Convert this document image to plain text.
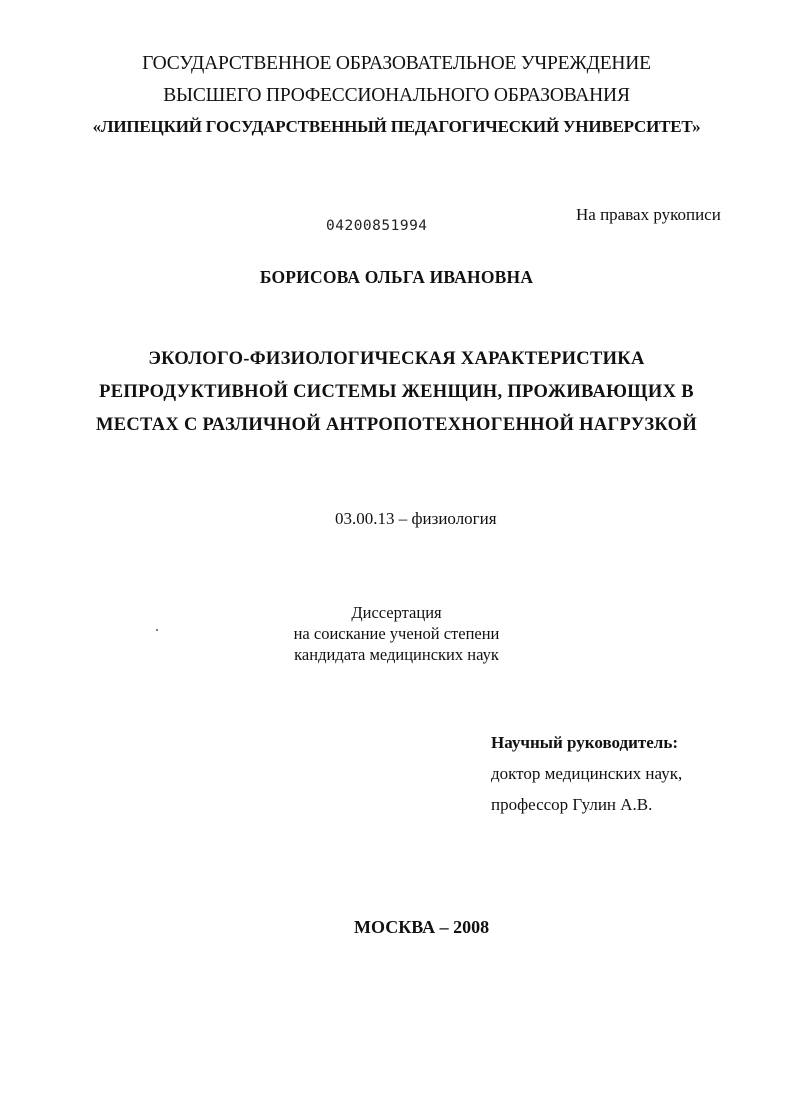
ГОСУДАРСТВЕННОЕ ОБРАЗОВАТЕЛЬНОЕ УЧРЕЖДЕНИЕ
ВЫСШЕГО ПРОФЕССИОНАЛЬНОГО ОБРАЗОВАНИЯ
«ЛИПЕЦКИЙ ГОСУДАРСТВЕННЫЙ ПЕДАГОГИЧЕСКИЙ УНИВЕРСИТЕТ»
04200851994
На правах рукописи
БОРИСОВА ОЛЬГА ИВАНОВНА
ЭКОЛОГО-ФИЗИОЛОГИЧЕСКАЯ ХАРАКТЕРИСТИКА
РЕПРОДУКТИВНОЙ СИСТЕМЫ ЖЕНЩИН, ПРОЖИВАЮЩИХ В
МЕСТАХ С РАЗЛИЧНОЙ АНТРОПОТЕХНОГЕННОЙ НАГРУЗКОЙ
03.00.13 – физиология
Диссертация
на соискание ученой степени
кандидата медицинских наук
Научный руководитель:
доктор медицинских наук,
профессор Гулин А.В.
МОСКВА – 2008
